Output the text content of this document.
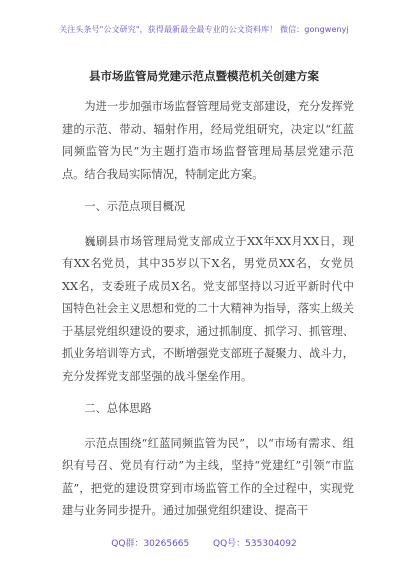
关注头条号"公文研究"，获得最新最全最专业的公文资料库！ 微信：gongwenyj
县市场监管局党建示范点暨模范机关创建方案

为进一步加强市场监督管理局党支部建设，充分发挥党建的示范、带动、辐射作用，经局党组研究，决定以“红蓝同频监管为民”为主题打造市场监督管理局基层党建示范点。结合我局实际情况，特制定此方案。

一、示范点项目概况

巍刷县市场管理局党支部成立于XX年XX月XX日，现有XX名党员，其中35岁以下X名，男党员XX名，女党员XX名，支委班子成员X名。党支部坚持以习近平新时代中国特色社会主义思想和党的二十大精神为指导，落实上级关于基层党组织建设的要求，通过抓制度、抓学习、抓管理、抓业务培训等方式，不断增强党支部班子凝聚力、战斗力，充分发挥党支部坚强的战斗堡垒作用。

二、总体思路

示范点围绕“红蓝同频监管为民”，以“市场有需求、组织有号召、党员有行动”为主线，坚持“党建红”引领“市监蓝”，把党的建设贯穿到市场监管工作的全过程中，实现党建与业务同步提升。通过加强党组织建设、提高干

QQ群：30265665	QQ号：535304092
